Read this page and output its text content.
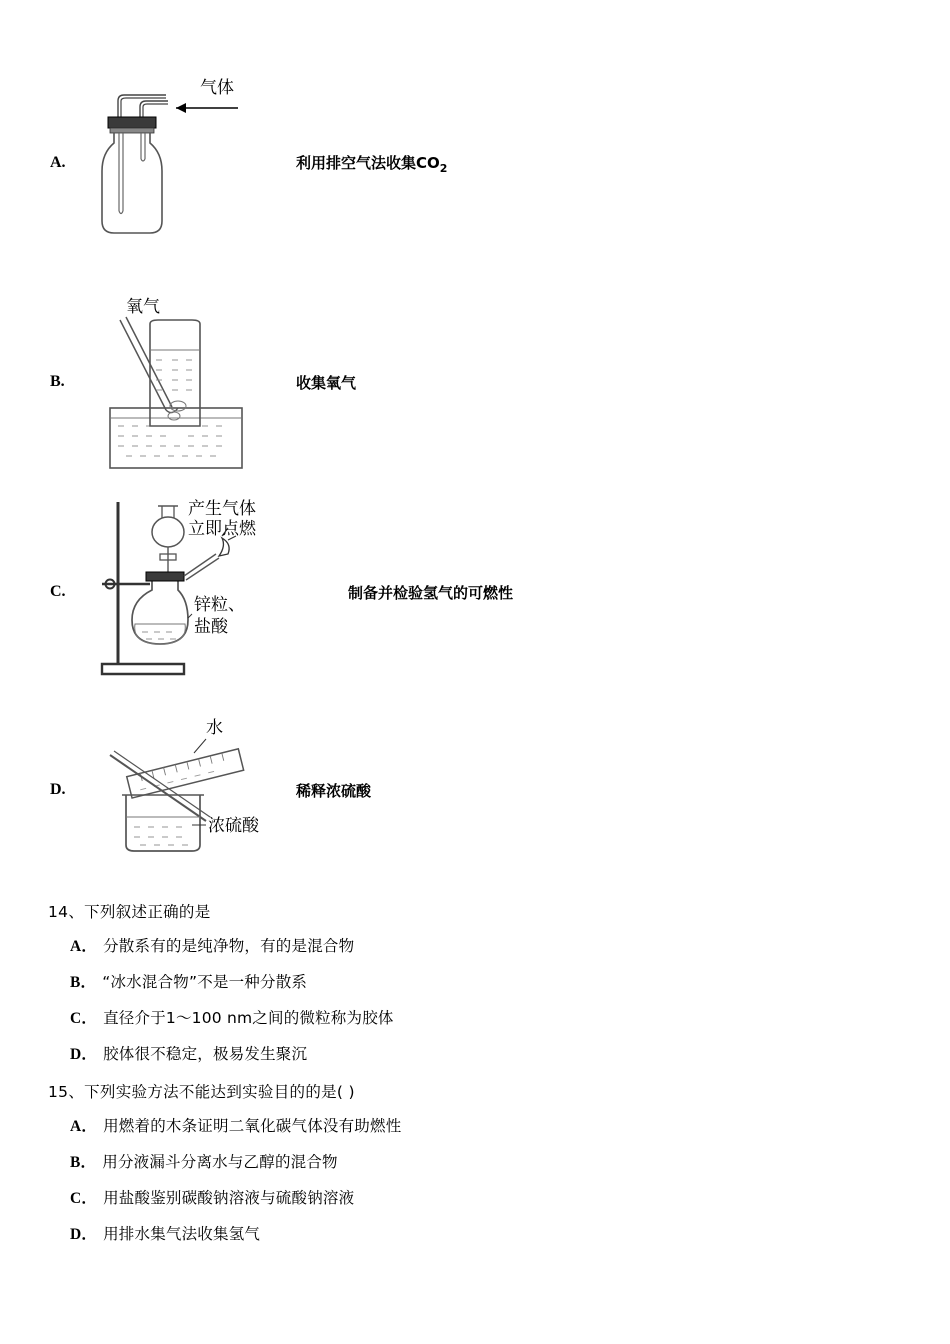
A.
气体
利用排空气法收集$CO_2$
B.
氧气
收集氧气
C.
产生气体
立即点燃
锌粒、
盐酸
制备并检验氢气的可燃性
D.
水
浓硫酸
稀释浓硫酸
14、下列叙述正确的是
A． 分散系有的是纯净物，有的是混合物
B． “冰水混合物”不是一种分散系
C． 直径介于1～100 nm之间的微粒称为胶体
D． 胶体很不稳定，极易发生聚沉
15、下列实验方法不能达到实验目的的是( )
A． 用燃着的木条证明二氧化碳气体没有助燃性
B． 用分液漏斗分离水与乙醇的混合物
C． 用盐酸鉴别碳酸钠溶液与硫酸钠溶液
D． 用排水集气法收集氢气
